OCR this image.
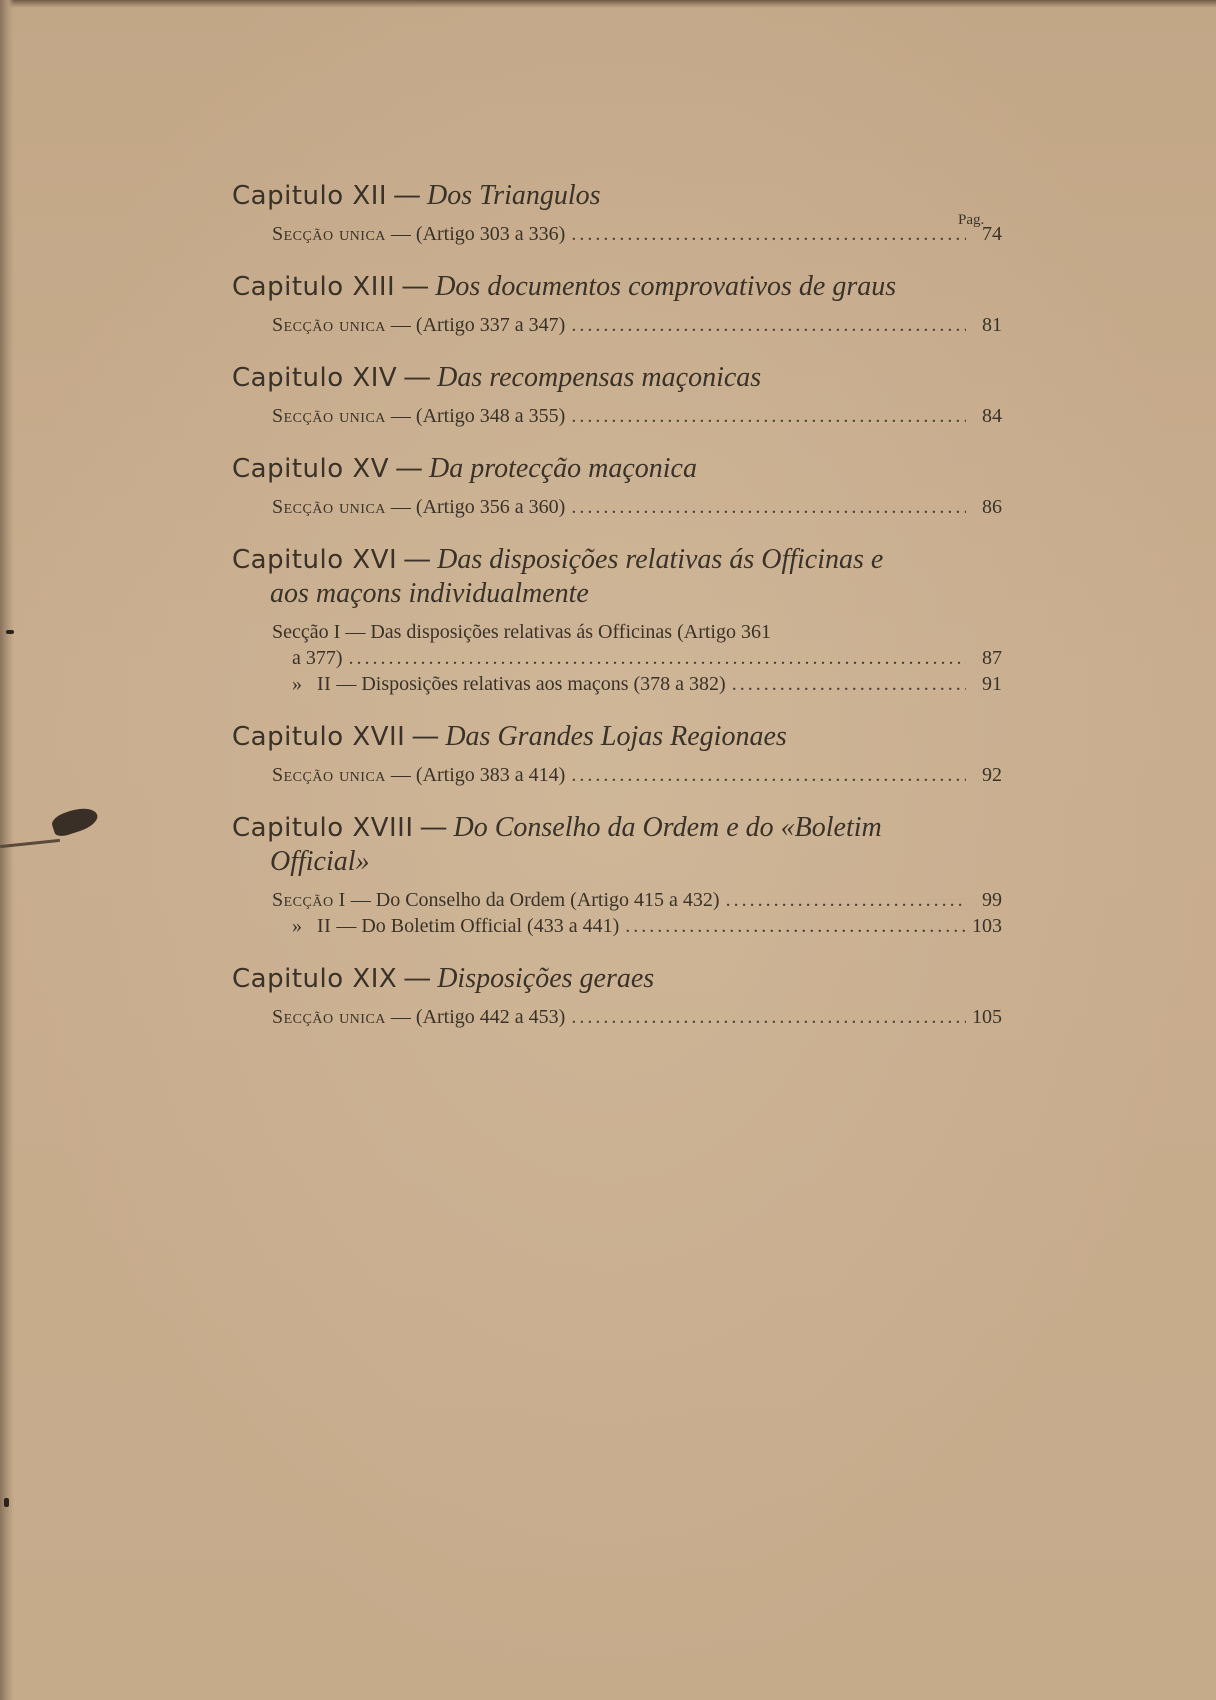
Pag.
Capitulo XII — Dos Triangulos
Secção unica — (Artigo 303 a 336) .....	74
Capitulo XIII — Dos documentos comprovativos de graus
Secção unica — (Artigo 337 a 347) .....	81
Capitulo XIV — Das recompensas maçonicas
Secção unica — (Artigo 348 a 355) .....	84
Capitulo XV — Da protecção maçonica
Secção unica — (Artigo 356 a 360) .....	86
Capitulo XVI — Das disposições relativas ás Officinas e
aos maçons individualmente
Secção I — Das disposições relativas ás Officinas (Artigo 361
a 377) .....	87
» II — Disposições relativas aos maçons (378 a 382) .....	91
Capitulo XVII — Das Grandes Lojas Regionaes
Secção unica — (Artigo 383 a 414) .....	92
Capitulo XVIII — Do Conselho da Ordem e do «Boletim
Official»
Secção I — Do Conselho da Ordem (Artigo 415 a 432) .....	99
» II — Do Boletim Official (433 a 441) .....	103
Capitulo XIX — Disposições geraes
Secção unica — (Artigo 442 a 453) .....	105
